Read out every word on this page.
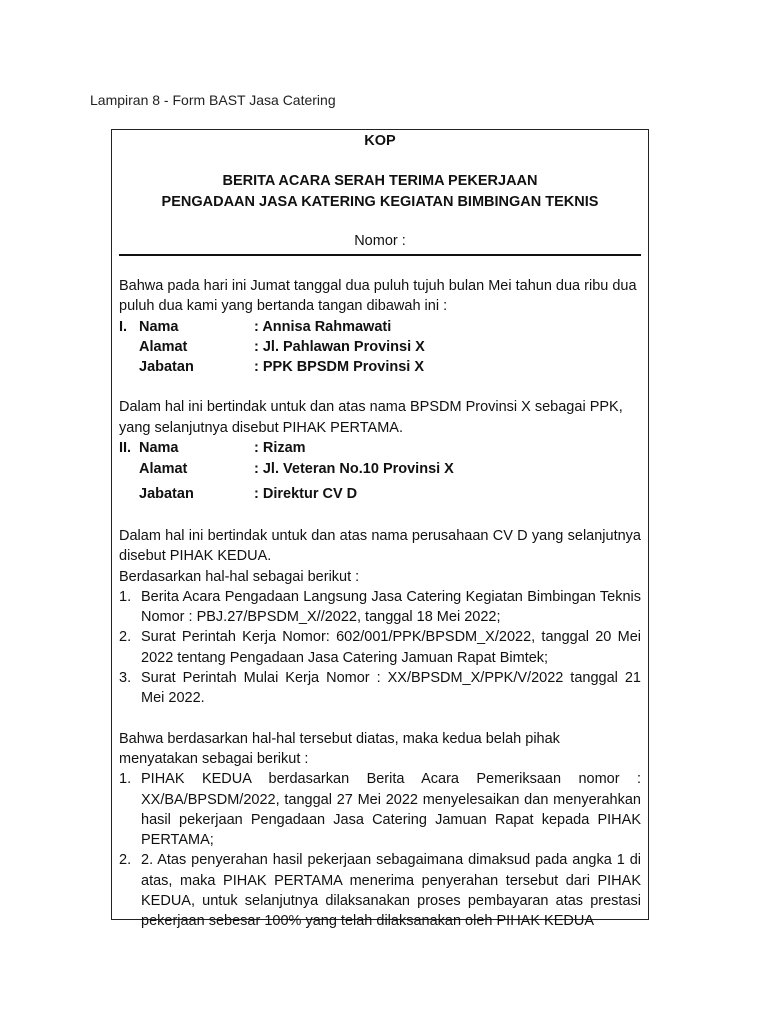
Lampiran 8 - Form BAST Jasa Catering
KOP
BERITA ACARA SERAH TERIMA PEKERJAAN
PENGADAAN JASA KATERING KEGIATAN BIMBINGAN TEKNIS
Nomor :

Bahwa pada hari ini Jumat tanggal dua puluh tujuh bulan Mei tahun dua ribu dua puluh dua kami yang bertanda tangan dibawah ini :

I. Nama	: Annisa Rahmawati
Alamat	: Jl. Pahlawan Provinsi X
Jabatan	: PPK BPSDM Provinsi X

Dalam hal ini bertindak untuk dan atas nama BPSDM Provinsi X sebagai PPK, yang selanjutnya disebut PIHAK PERTAMA.

II. Nama	: Rizam
Alamat	: Jl. Veteran No.10 Provinsi X
Jabatan	: Direktur CV D

Dalam hal ini bertindak untuk dan atas nama perusahaan CV D yang selanjutnya disebut PIHAK KEDUA.

Berdasarkan hal-hal sebagai berikut :

1. Berita Acara Pengadaan Langsung Jasa Catering Kegiatan Bimbingan Teknis Nomor : PBJ.27/BPSDM_X//2022, tanggal 18 Mei 2022;
2. Surat Perintah Kerja Nomor: 602/001/PPK/BPSDM_X/2022, tanggal 20 Mei 2022 tentang Pengadaan Jasa Catering Jamuan Rapat Bimtek;
3. Surat Perintah Mulai Kerja Nomor : XX/BPSDM_X/PPK/V/2022 tanggal 21 Mei 2022.

Bahwa berdasarkan hal-hal tersebut diatas, maka kedua belah pihak menyatakan sebagai berikut :

1. PIHAK KEDUA berdasarkan Berita Acara Pemeriksaan nomor : XX/BA/BPSDM/2022, tanggal 27 Mei 2022 menyelesaikan dan menyerahkan hasil pekerjaan Pengadaan Jasa Catering Jamuan Rapat kepada PIHAK PERTAMA;
2. 2. Atas penyerahan hasil pekerjaan sebagaimana dimaksud pada angka 1 di atas, maka PIHAK PERTAMA menerima penyerahan tersebut dari PIHAK KEDUA, untuk selanjutnya dilaksanakan proses pembayaran atas prestasi pekerjaan sebesar 100% yang telah dilaksanakan oleh PIHAK KEDUA
